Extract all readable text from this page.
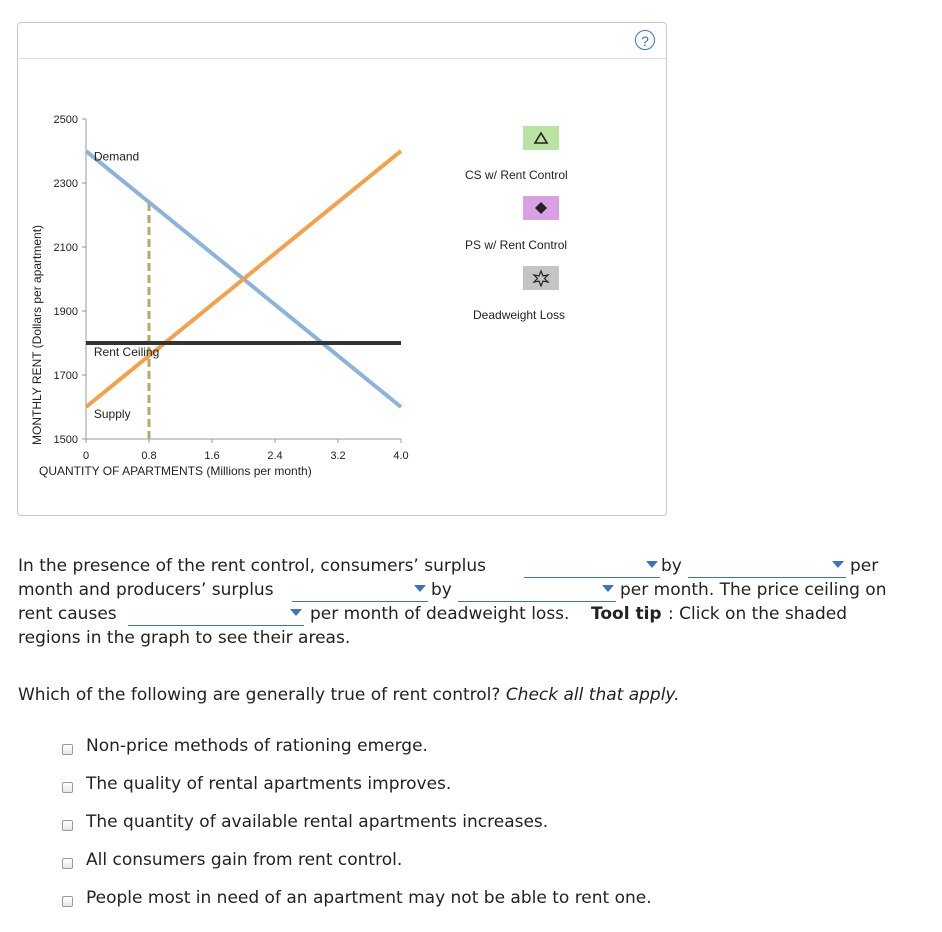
?
1500
1700
1900
2100
2300
2500
0	0.8	1.6	2.4	3.2	4.0
Demand
Rent Ceiling
Supply
QUANTITY OF APARTMENTS (Millions per month)
MONTHLY RENT (Dollars per apartment)
CS w/ Rent Control
PS w/ Rent Control
Deadweight Loss
In the presence of the rent control, consumers’ surplus	by	per
month and producers’ surplus	by	per month. The price ceiling on
rent causes	per month of deadweight loss. Tool tip : Click on the shaded
regions in the graph to see their areas.
Which of the following are generally true of rent control? Check all that apply.
Non-price methods of rationing emerge.
The quality of rental apartments improves.
The quantity of available rental apartments increases.
All consumers gain from rent control.
People most in need of an apartment may not be able to rent one.
